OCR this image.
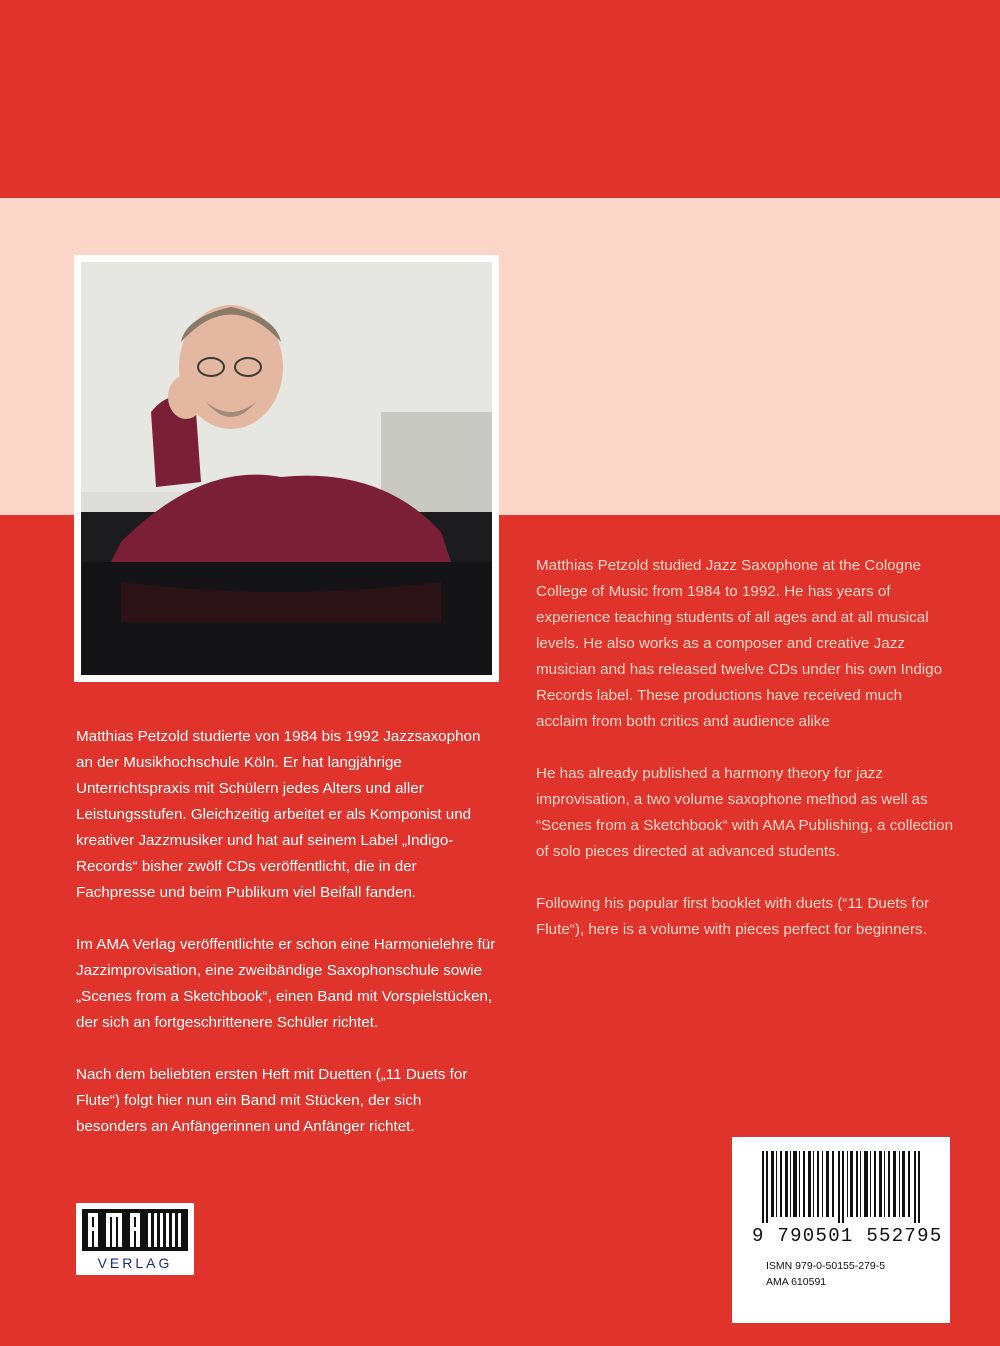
Matthias Petzold studierte von 1984 bis 1992 Jazzsaxophon an der Musikhochschule Köln. Er hat langjährige Unterrichtspraxis mit Schülern jedes Alters und aller Leistungsstufen. Gleichzeitig arbeitet er als Komponist und kreativer Jazzmusiker und hat auf seinem Label „Indigo-Records“ bisher zwölf CDs veröffentlicht, die in der Fachpresse und beim Publikum viel Beifall fanden.

Im AMA Verlag veröffentlichte er schon eine Harmonielehre für Jazzimprovisation, eine zweibändige Saxophonschule sowie „Scenes from a Sketchbook“, einen Band mit Vorspielstücken, der sich an fortgeschrittenere Schüler richtet.

Nach dem beliebten ersten Heft mit Duetten („11 Duets for Flute“) folgt hier nun ein Band mit Stücken, der sich besonders an Anfängerinnen und Anfänger richtet.

Matthias Petzold studied Jazz Saxophone at the Cologne College of Music from 1984 to 1992. He has years of experience teaching students of all ages and at all musical levels. He also works as a composer and creative Jazz musician and has released twelve CDs under his own Indigo Records label. These productions have received much acclaim from both critics and audience alike

He has already published a harmony theory for jazz improvisation, a two volume saxophone method as well as “Scenes from a Sketchbook“ with AMA Publishing, a collection of solo pieces directed at advanced students.

Following his popular first booklet with duets (“11 Duets for Flute“), here is a volume with pieces perfect for beginners.

9 790501 552795
ISMN 979-0-50155-279-5
AMA 610591
VERLAG
